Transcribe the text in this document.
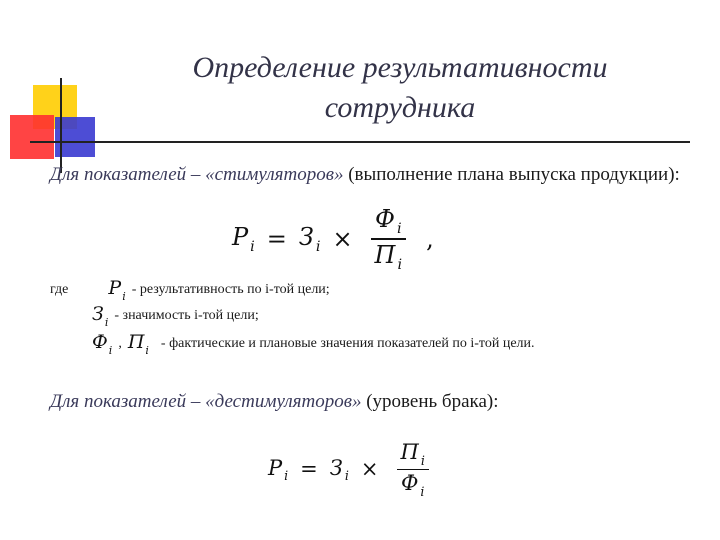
Определение результативности
сотрудника
Для показателей – «стимуляторов» (выполнение плана выпуска продукции):
P $_i$ = З $_i \times \frac{Ф _i}{П _i}$ ,
где $P_i$ - результативность по i-той цели;
$З_i$ - значимость i-той цели;
$Ф_i$ , $П_i$ - фактические и плановые значения показателей по i-той цели.
Для показателей – «дестимуляторов» (уровень брака):
P $_i$ = З $_i \times \frac{П _i}{Ф _i}$
